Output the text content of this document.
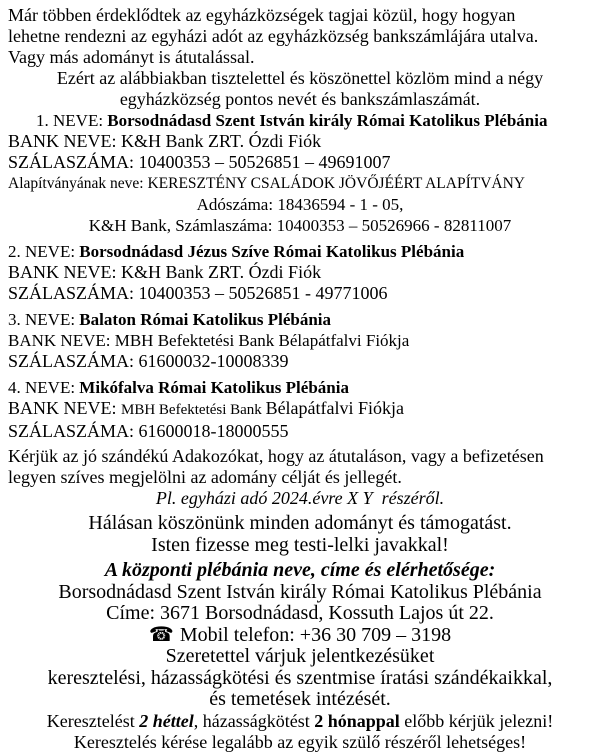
Már többen érdeklődtek az egyházközségek tagjai közül, hogy hogyan
lehetne rendezni az egyházi adót az egyházközség bankszámlájára utalva.
Vagy más adományt is átutalással.
Ezért az alábbiakban tisztelettel és köszönettel közlöm mind a négy
egyházközség pontos nevét és bankszámlaszámát.
1. NEVE: Borsodnádasd Szent István király Római Katolikus Plébánia
BANK NEVE: K&H Bank ZRT. Ózdi Fiók
SZÁLASZÁMA: 10400353 – 50526851 – 49691007
Alapítványának neve: KERESZTÉNY CSALÁDOK JÖVŐJÉÉRT ALAPÍTVÁNY
Adószáma: 18436594 - 1 - 05,
K&H Bank, Számlaszáma: 10400353 – 50526966 - 82811007
2. NEVE: Borsodnádasd Jézus Szíve Római Katolikus Plébánia
BANK NEVE: K&H Bank ZRT. Ózdi Fiók
SZÁLASZÁMA: 10400353 – 50526851 - 49771006
3. NEVE: Balaton Római Katolikus Plébánia
BANK NEVE: MBH Befektetési Bank Bélapátfalvi Fiókja
SZÁLASZÁMA: 61600032-10008339
4. NEVE: Mikófalva Római Katolikus Plébánia
BANK NEVE: MBH Befektetési Bank Bélapátfalvi Fiókja
SZÁLASZÁMA: 61600018-18000555
Kérjük az jó szándékú Adakozókat, hogy az átutaláson, vagy a befizetésen
legyen szíves megjelölni az adomány célját és jellegét.
Pl. egyházi adó 2024.évre X Y  részéről.
Hálásan köszönünk minden adományt és támogatást.
Isten fizesse meg testi-lelki javakkal!
A központi plébánia neve, címe és elérhetősége:
Borsodnádasd Szent István király Római Katolikus Plébánia
Címe: 3671 Borsodnádasd, Kossuth Lajos út 22.
☎ Mobil telefon: +36 30 709 – 3198
Szeretettel várjuk jelentkezésüket
keresztelési, házasságkötési és szentmise íratási szándékaikkal,
és temetések intézését.
Keresztelést 2 héttel, házasságkötést 2 hónappal előbb kérjük jelezni!
Keresztelés kérése legalább az egyik szülő részéről lehetséges!
